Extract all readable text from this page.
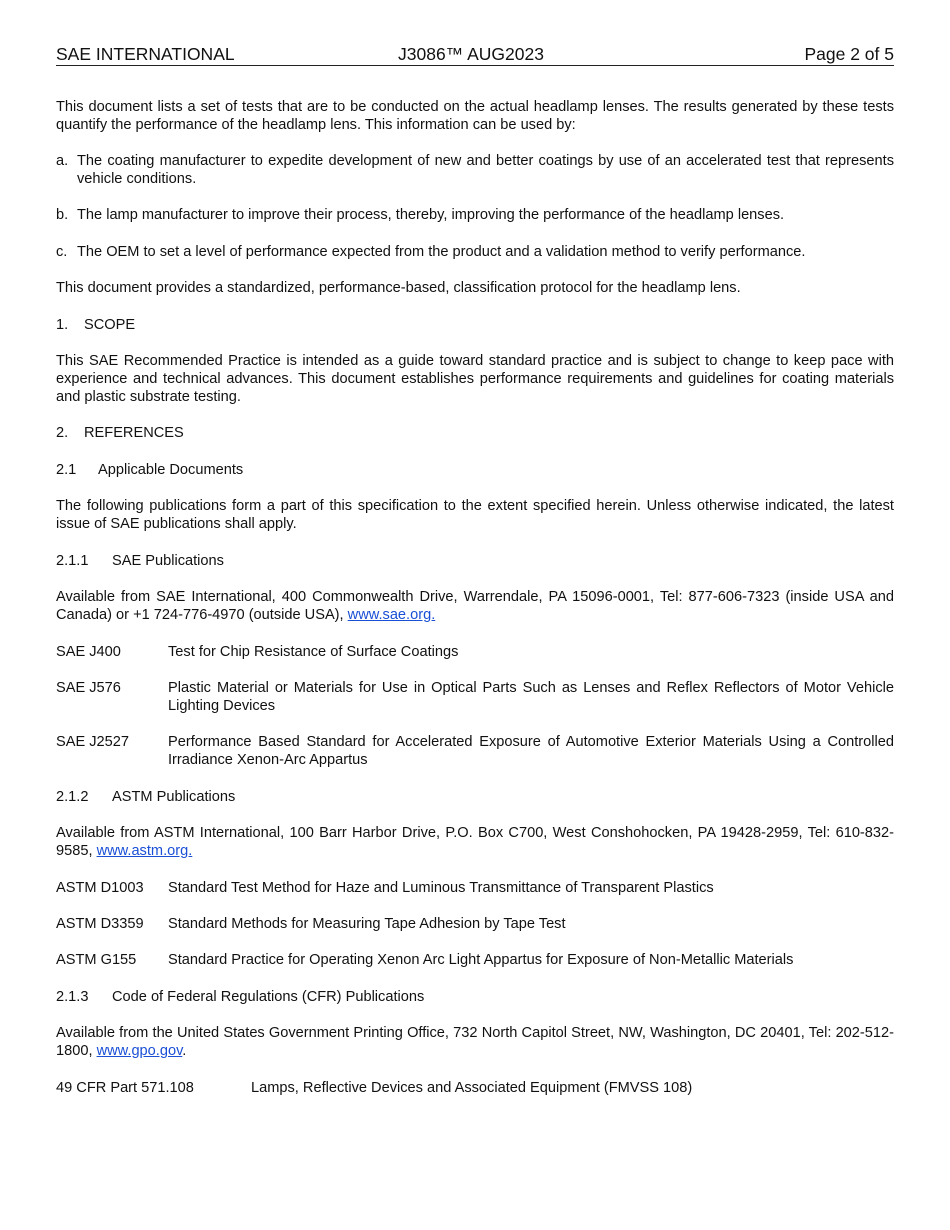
SAE INTERNATIONAL	J3086™ AUG2023	Page 2 of 5

This document lists a set of tests that are to be conducted on the actual headlamp lenses. The results generated by these tests quantify the performance of the headlamp lens. This information can be used by:

a. The coating manufacturer to expedite development of new and better coatings by use of an accelerated test that represents vehicle conditions.
b. The lamp manufacturer to improve their process, thereby, improving the performance of the headlamp lenses.
c. The OEM to set a level of performance expected from the product and a validation method to verify performance.

This document provides a standardized, performance-based, classification protocol for the headlamp lens.

1. SCOPE

This SAE Recommended Practice is intended as a guide toward standard practice and is subject to change to keep pace with experience and technical advances. This document establishes performance requirements and guidelines for coating materials and plastic substrate testing.

2. REFERENCES
2.1 Applicable Documents

The following publications form a part of this specification to the extent specified herein. Unless otherwise indicated, the latest issue of SAE publications shall apply.

2.1.1 SAE Publications

Available from SAE International, 400 Commonwealth Drive, Warrendale, PA 15096-0001, Tel: 877-606-7323 (inside USA and Canada) or +1 724-776-4970 (outside USA), www.sae.org.

SAE J400	Test for Chip Resistance of Surface Coatings
SAE J576	Plastic Material or Materials for Use in Optical Parts Such as Lenses and Reflex Reflectors of Motor Vehicle Lighting Devices
SAE J2527	Performance Based Standard for Accelerated Exposure of Automotive Exterior Materials Using a Controlled Irradiance Xenon-Arc Appartus
2.1.2 ASTM Publications

Available from ASTM International, 100 Barr Harbor Drive, P.O. Box C700, West Conshohocken, PA 19428-2959, Tel: 610-832-9585, www.astm.org.

ASTM D1003 Standard Test Method for Haze and Luminous Transmittance of Transparent Plastics
ASTM D3359 Standard Methods for Measuring Tape Adhesion by Tape Test
ASTM G155 Standard Practice for Operating Xenon Arc Light Appartus for Exposure of Non-Metallic Materials
2.1.3 Code of Federal Regulations (CFR) Publications

Available from the United States Government Printing Office, 732 North Capitol Street, NW, Washington, DC 20401, Tel: 202-512-1800, www.gpo.gov.

49 CFR Part 571.108	Lamps, Reflective Devices and Associated Equipment (FMVSS 108)
